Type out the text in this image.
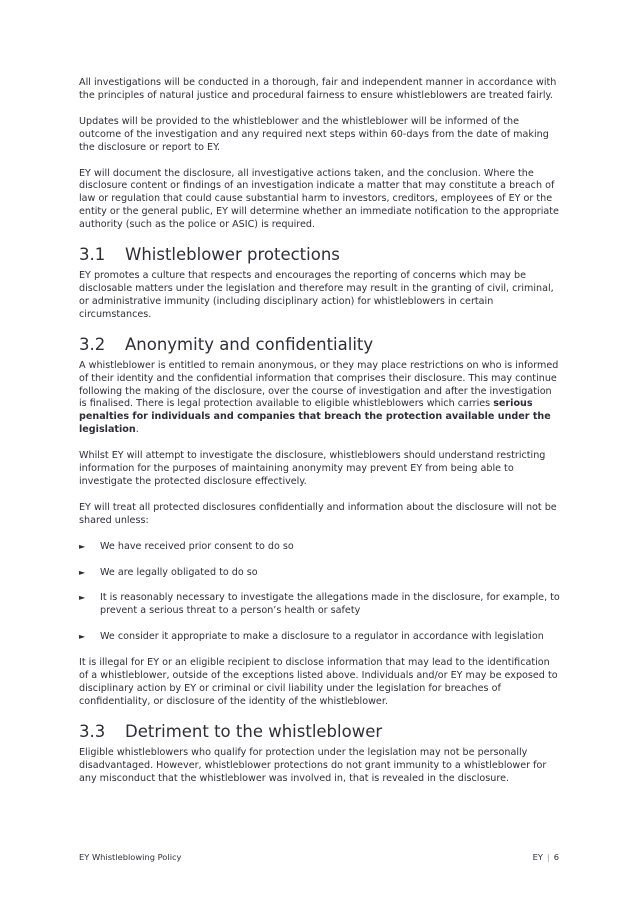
All investigations will be conducted in a thorough, fair and independent manner in accordance with the principles of natural justice and procedural fairness to ensure whistleblowers are treated fairly.

Updates will be provided to the whistleblower and the whistleblower will be informed of the outcome of the investigation and any required next steps within 60-days from the date of making the disclosure or report to EY.

EY will document the disclosure, all investigative actions taken, and the conclusion. Where the disclosure content or findings of an investigation indicate a matter that may constitute a breach of law or regulation that could cause substantial harm to investors, creditors, employees of EY or the entity or the general public, EY will determine whether an immediate notification to the appropriate authority (such as the police or ASIC) is required.

3.1 Whistleblower protections

EY promotes a culture that respects and encourages the reporting of concerns which may be disclosable matters under the legislation and therefore may result in the granting of civil, criminal, or administrative immunity (including disciplinary action) for whistleblowers in certain circumstances.

3.2 Anonymity and confidentiality

A whistleblower is entitled to remain anonymous, or they may place restrictions on who is informed of their identity and the confidential information that comprises their disclosure. This may continue following the making of the disclosure, over the course of investigation and after the investigation is finalised. There is legal protection available to eligible whistleblowers which carries serious penalties for individuals and companies that breach the protection available under the legislation.

Whilst EY will attempt to investigate the disclosure, whistleblowers should understand restricting information for the purposes of maintaining anonymity may prevent EY from being able to investigate the protected disclosure effectively.

EY will treat all protected disclosures confidentially and information about the disclosure will not be shared unless:

► We have received prior consent to do so
► We are legally obligated to do so
► It is reasonably necessary to investigate the allegations made in the disclosure, for example, to prevent a serious threat to a person’s health or safety
► We consider it appropriate to make a disclosure to a regulator in accordance with legislation

It is illegal for EY or an eligible recipient to disclose information that may lead to the identification of a whistleblower, outside of the exceptions listed above. Individuals and/or EY may be exposed to disciplinary action by EY or criminal or civil liability under the legislation for breaches of confidentiality, or disclosure of the identity of the whistleblower.

3.3 Detriment to the whistleblower

Eligible whistleblowers who qualify for protection under the legislation may not be personally disadvantaged. However, whistleblower protections do not grant immunity to a whistleblower for any misconduct that the whistleblower was involved in, that is revealed in the disclosure.

EY Whistleblowing Policy	EY | 6
